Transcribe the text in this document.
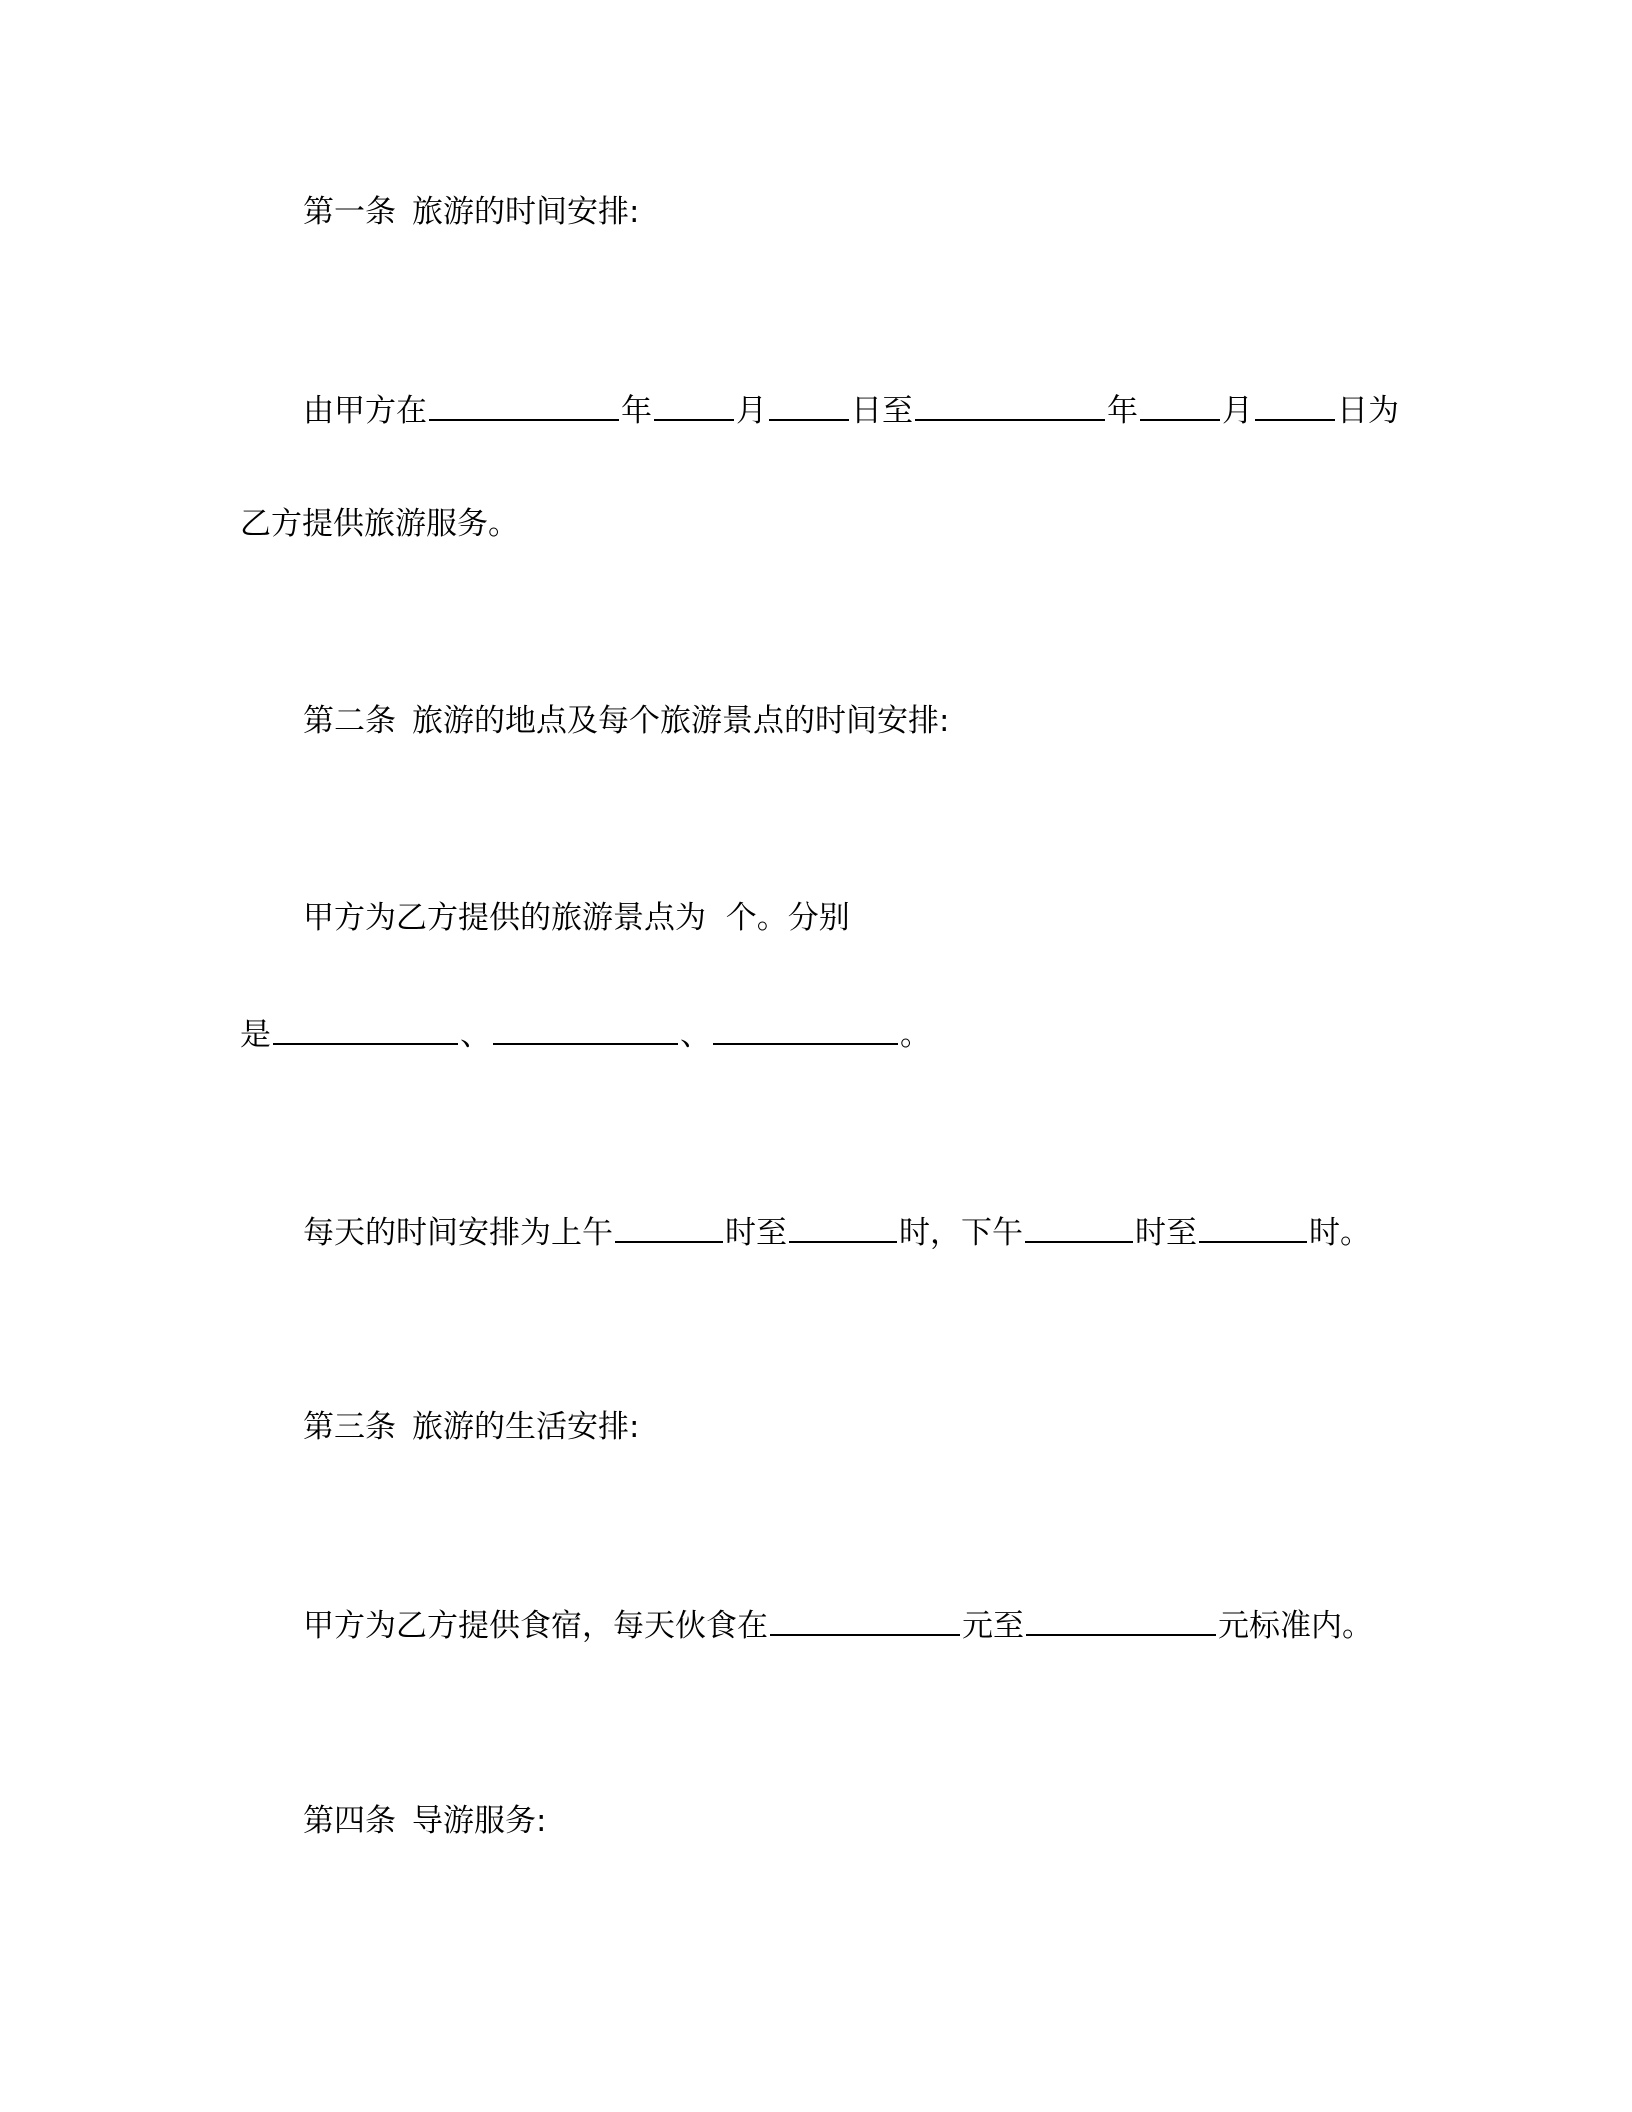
第一条 旅游的时间安排:
由甲方在	年	月	日至	年	月	日为
乙方提供旅游服务。
第二条 旅游的地点及每个旅游景点的时间安排:
甲方为乙方提供的旅游景点为  个。分别
是	、	、	。
每天的时间安排为上午	时至	时，下午	时至	时。
第三条 旅游的生活安排:
甲方为乙方提供食宿，每天伙食在	元至	元标准内。
第四条 导游服务:
